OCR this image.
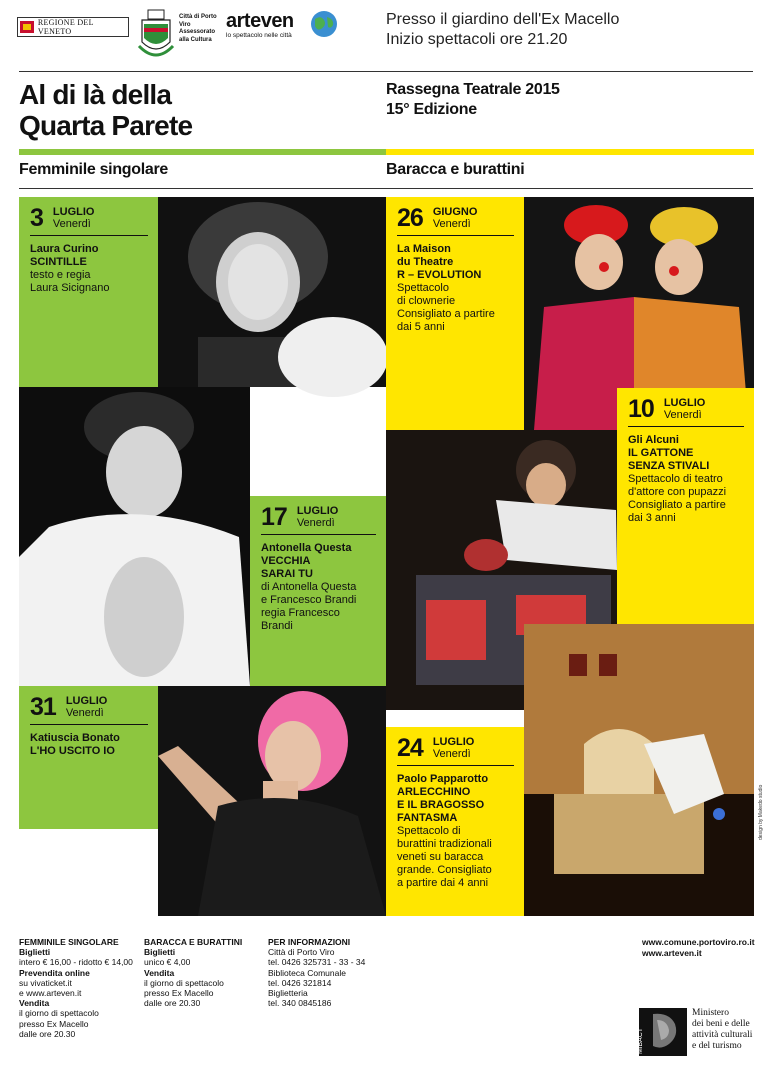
REGIONE DEL VENETO
Città di Porto Viro Assessorato alla Cultura
arteven
lo spettacolo nelle città
Presso il giardino dell'Ex Macello
Inizio spettacoli ore 21.20
Al di là della
Quarta Parete
Rassegna Teatrale 2015
15° Edizione
Femminile singolare	Baracca e burattini
3 LUGLIO
Venerdì
Laura Curino
SCINTILLE
testo e regia
Laura Sicignano
17 LUGLIO
Venerdì
Antonella Questa
VECCHIA
SARAI TU
di Antonella Questa
e Francesco Brandi
regia Francesco
Brandi
31 LUGLIO
Venerdì
Katiuscia Bonato
L'HO USCITO IO
26 GIUGNO
Venerdì
La Maison
du Theatre
R – EVOLUTION
Spettacolo
di clownerie
Consigliato a partire
dai 5 anni
10 LUGLIO
Venerdì
Gli Alcuni
IL GATTONE
SENZA STIVALI
Spettacolo di teatro
d'attore con pupazzi
Consigliato a partire
dai 3 anni
24 LUGLIO
Venerdì
Paolo Papparotto
ARLECCHINO
E IL BRAGOSSO
FANTASMA
Spettacolo di
burattini tradizionali
veneti su baracca
grande. Consigliato
a partire dai 4 anni
design by Makedo studio
FEMMINILE SINGOLARE
Biglietti
intero € 16,00 - ridotto € 14,00
Prevendita online
su vivaticket.it
e www.arteven.it
Vendita
il giorno di spettacolo
presso Ex Macello
dalle ore 20.30
BARACCA E BURATTINI
Biglietti
unico € 4,00
Vendita
il giorno di spettacolo
presso Ex Macello
dalle ore 20.30
PER INFORMAZIONI
Città di Porto Viro
tel. 0426 325731 - 33 - 34
Biblioteca Comunale
tel. 0426 321814
Biglietteria
tel. 340 0845186
www.comune.portoviro.ro.it
www.arteven.it
MiBACT
Ministero
dei beni e delle
attività culturali
e del turismo
